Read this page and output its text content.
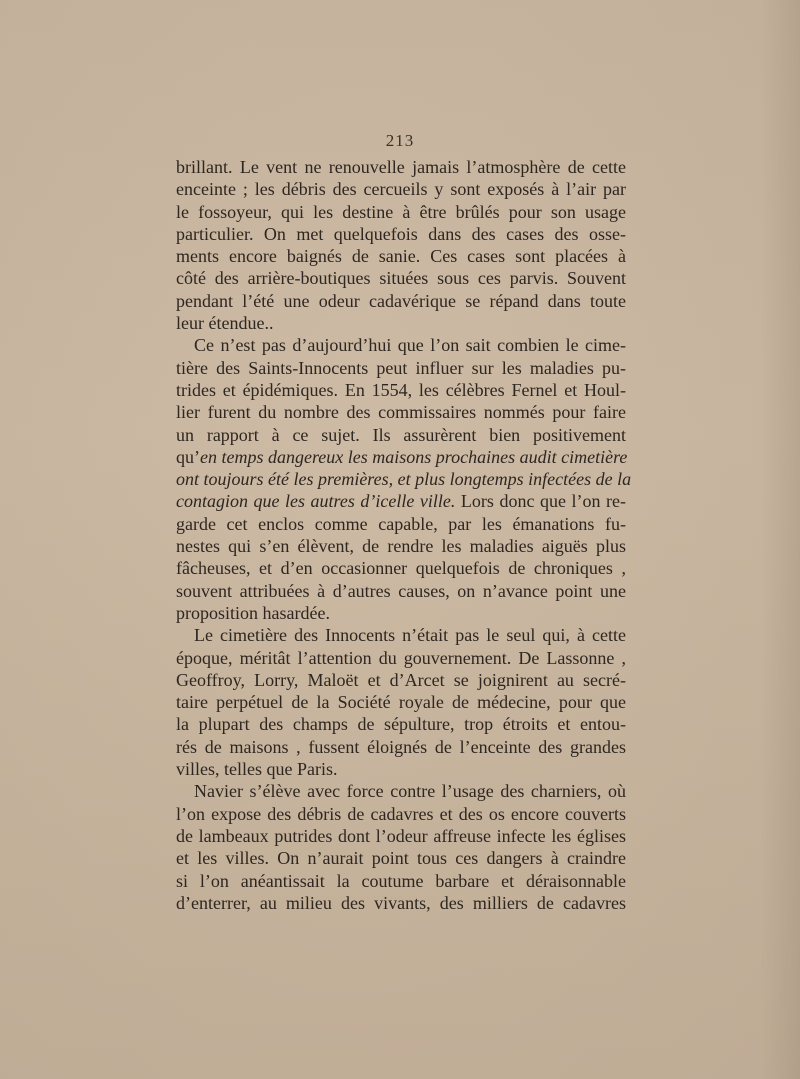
213
brillant. Le vent ne renouvelle jamais l’atmosphère de cette
enceinte ; les débris des cercueils y sont exposés à l’air par
le fossoyeur, qui les destine à être brûlés pour son usage
particulier. On met quelquefois dans des cases des osse-
ments encore baignés de sanie. Ces cases sont placées à
côté des arrière-boutiques situées sous ces parvis. Souvent
pendant l’été une odeur cadavérique se répand dans toute
leur étendue..
Ce n’est pas d’aujourd’hui que l’on sait combien le cime-
tière des Saints-Innocents peut influer sur les maladies pu-
trides et épidémiques. En 1554, les célèbres Fernel et Houl-
lier furent du nombre des commissaires nommés pour faire
un rapport à ce sujet. Ils assurèrent bien positivement
qu’en temps dangereux les maisons prochaines audit cimetière
ont toujours été les premières, et plus longtemps infectées de la
contagion que les autres d’icelle ville. Lors donc que l’on re-
garde cet enclos comme capable, par les émanations fu-
nestes qui s’en élèvent, de rendre les maladies aiguës plus
fâcheuses, et d’en occasionner quelquefois de chroniques ,
souvent attribuées à d’autres causes, on n’avance point une
proposition hasardée.
Le cimetière des Innocents n’était pas le seul qui, à cette
époque, méritât l’attention du gouvernement. De Lassonne ,
Geoffroy, Lorry, Maloët et d’Arcet se joignirent au secré-
taire perpétuel de la Société royale de médecine, pour que
la plupart des champs de sépulture, trop étroits et entou-
rés de maisons , fussent éloignés de l’enceinte des grandes
villes, telles que Paris.
Navier s’élève avec force contre l’usage des charniers, où
l’on expose des débris de cadavres et des os encore couverts
de lambeaux putrides dont l’odeur affreuse infecte les églises
et les villes. On n’aurait point tous ces dangers à craindre
si l’on anéantissait la coutume barbare et déraisonnable
d’enterrer, au milieu des vivants, des milliers de cadavres
